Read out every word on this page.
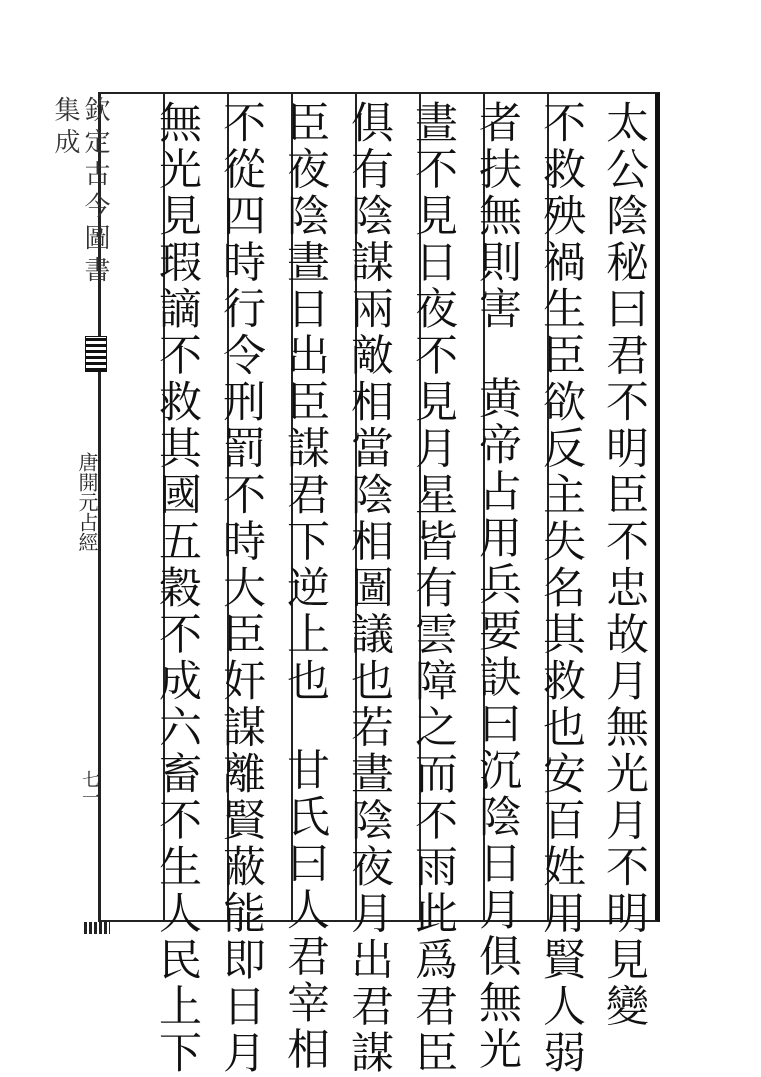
欽定古今圖書集成
唐開元占經
七一	太公陰秘曰君不明臣不忠故月無光月不明見變
不救殃禍生臣欲反主失名其救也安百姓用賢人弱
者扶無則害黄帝占用兵要訣曰沉陰日月俱無光
晝不見日夜不見月星皆有雲障之而不雨此爲君臣
俱有陰謀兩敵相當陰相圖議也若晝陰夜月出君謀
臣夜陰晝日出臣謀君下逆上也甘氏曰人君宰相
不從四時行令刑罰不時大臣奸謀離賢蔽能即日月
無光見瑕謫不救其國五穀不成六畜不生人民上下
